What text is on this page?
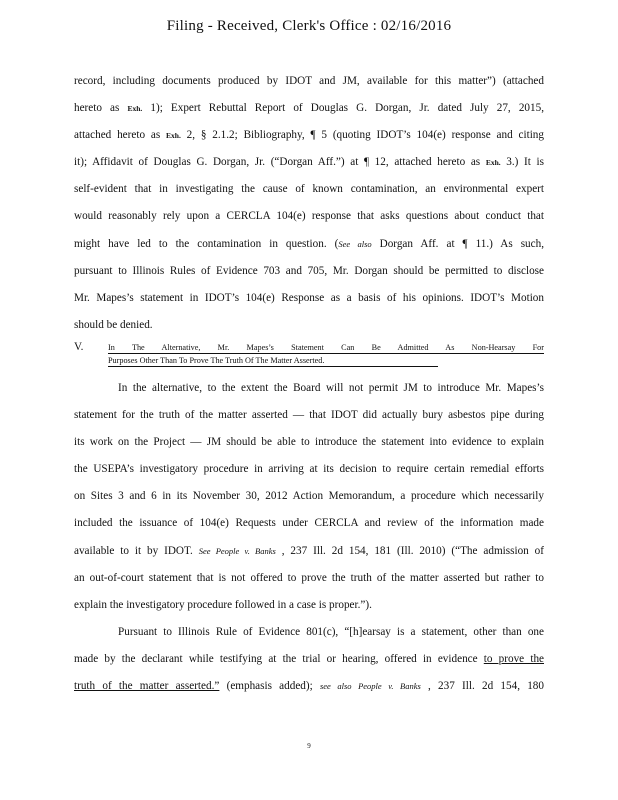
Filing - Received, Clerk's Office : 02/16/2016
record, including documents produced by IDOT and JM, available for this matter”) (attached
hereto as Exh. 1); Expert Rebuttal Report of Douglas G. Dorgan, Jr. dated July 27, 2015,
attached hereto as Exh. 2, § 2.1.2; Bibliography, ¶ 5 (quoting IDOT’s 104(e) response and citing
it); Affidavit of Douglas G. Dorgan, Jr. (“Dorgan Aff.”) at ¶ 12, attached hereto as Exh. 3.) It is
self-evident that in investigating the cause of known contamination, an environmental expert
would reasonably rely upon a CERCLA 104(e) response that asks questions about conduct that
might have led to the contamination in question. (See also Dorgan Aff. at ¶ 11.) As such,
pursuant to Illinois Rules of Evidence 703 and 705, Mr. Dorgan should be permitted to disclose
Mr. Mapes’s statement in IDOT’s 104(e) Response as a basis of his opinions. IDOT’s Motion
should be denied.
V.	In The Alternative, Mr. Mapes’s Statement Can Be Admitted As Non-Hearsay For
Purposes Other Than To Prove The Truth Of The Matter Asserted.
In the alternative, to the extent the Board will not permit JM to introduce Mr. Mapes’s
statement for the truth of the matter asserted — that IDOT did actually bury asbestos pipe during
its work on the Project — JM should be able to introduce the statement into evidence to explain
the USEPA’s investigatory procedure in arriving at its decision to require certain remedial efforts
on Sites 3 and 6 in its November 30, 2012 Action Memorandum, a procedure which necessarily
included the issuance of 104(e) Requests under CERCLA and review of the information made
available to it by IDOT. See People v. Banks , 237 Ill. 2d 154, 181 (Ill. 2010) (“The admission of
an out-of-court statement that is not offered to prove the truth of the matter asserted but rather to
explain the investigatory procedure followed in a case is proper.”).
Pursuant to Illinois Rule of Evidence 801(c), “[h]earsay is a statement, other than one
made by the declarant while testifying at the trial or hearing, offered in evidence to prove the
truth of the matter asserted.” (emphasis added); see also People v. Banks , 237 Ill. 2d 154, 180
9
